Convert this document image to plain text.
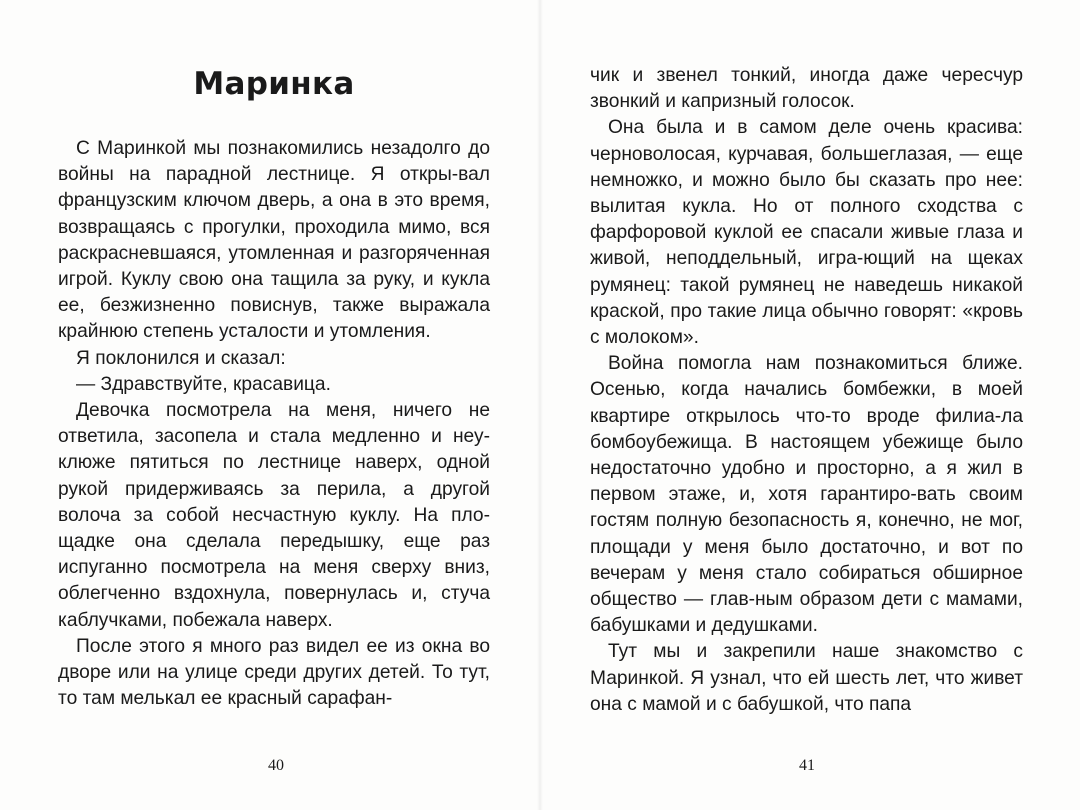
Маринка

С Маринкой мы познакомились незадолго до войны на парадной лестнице. Я откры-вал французским ключом дверь, а она в это время, возвращаясь с прогулки, проходила мимо, вся раскрасневшаяся, утомленная и разгоряченная игрой. Куклу свою она тащила за руку, и кукла ее, безжизненно повиснув, также выражала крайнюю степень усталости и утомления.

Я поклонился и сказал:

— Здравствуйте, красавица.

Девочка посмотрела на меня, ничего не ответила, засопела и стала медленно и неу-клюже пятиться по лестнице наверх, одной рукой придерживаясь за перила, а другой волоча за собой несчастную куклу. На пло-щадке она сделала передышку, еще раз испуганно посмотрела на меня сверху вниз, облегченно вздохнула, повернулась и, стуча каблучками, побежала наверх.

После этого я много раз видел ее из окна во дворе или на улице среди других детей. То тут, то там мелькал ее красный сарафан-

40

чик и звенел тонкий, иногда даже чересчур звонкий и капризный голосок.

Она была и в самом деле очень красива: черноволосая, курчавая, большеглазая, — еще немножко, и можно было бы сказать про нее: вылитая кукла. Но от полного сходства с фарфоровой куклой ее спасали живые глаза и живой, неподдельный, игра-ющий на щеках румянец: такой румянец не наведешь никакой краской, про такие лица обычно говорят: «кровь с молоком».

Война помогла нам познакомиться ближе. Осенью, когда начались бомбежки, в моей квартире открылось что-то вроде филиа-ла бомбоубежища. В настоящем убежище было недостаточно удобно и просторно, а я жил в первом этаже, и, хотя гарантиро-вать своим гостям полную безопасность я, конечно, не мог, площади у меня было достаточно, и вот по вечерам у меня стало собираться обширное общество — глав-ным образом дети с мамами, бабушками и дедушками.

Тут мы и закрепили наше знакомство с Маринкой. Я узнал, что ей шесть лет, что живет она с мамой и с бабушкой, что папа

41
